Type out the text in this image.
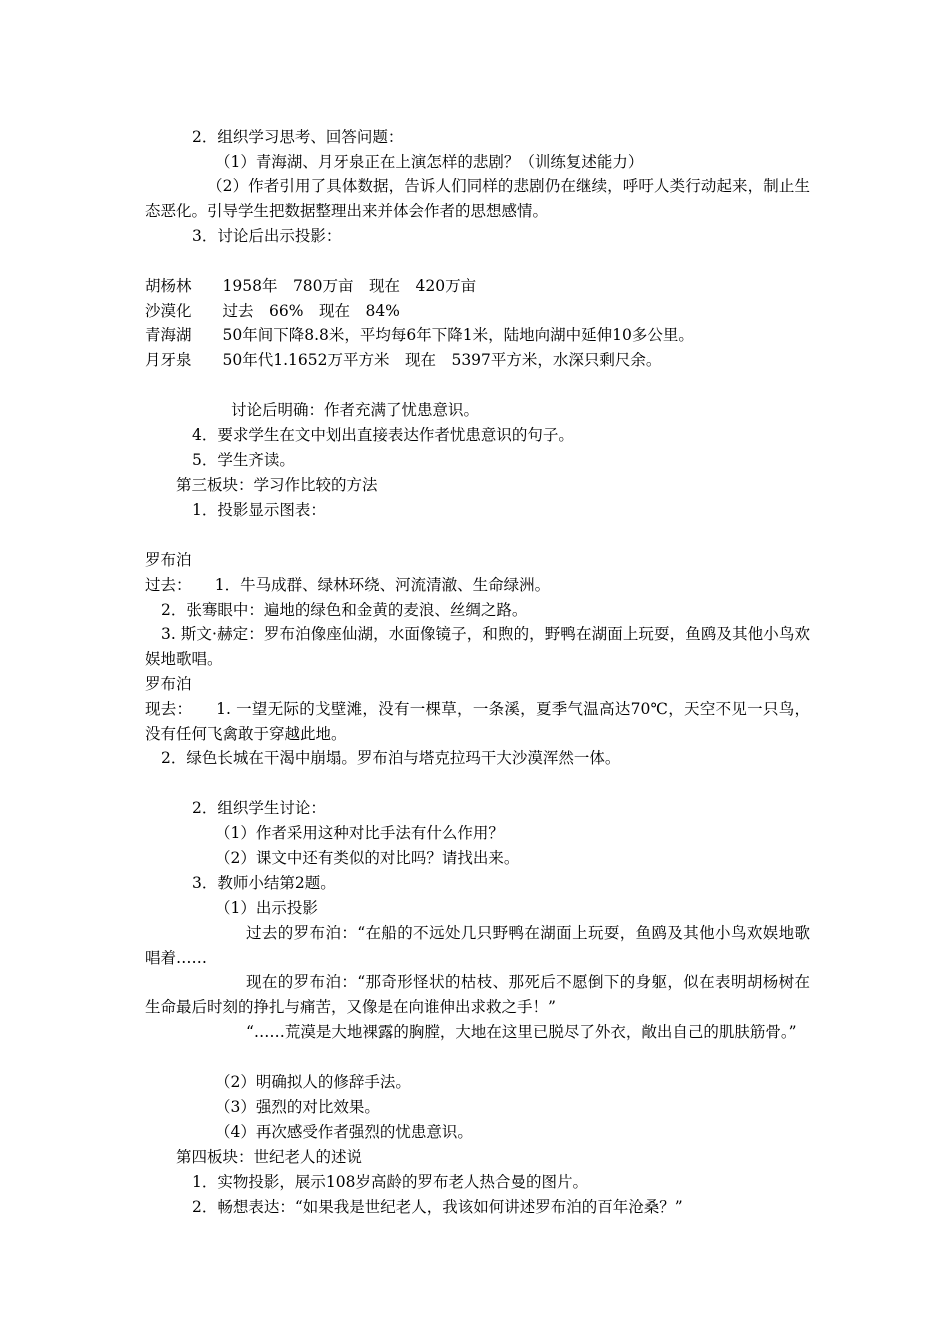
2．组织学习思考、回答问题：
（1）青海湖、月牙泉正在上演怎样的悲剧？（训练复述能力）
（2）作者引用了具体数据，告诉人们同样的悲剧仍在继续，呼吁人类行动起来，制止生态恶化。引导学生把数据整理出来并体会作者的思想感情。
3．讨论后出示投影：
胡杨林　　1958年　780万亩　现在　420万亩
沙漠化　　过去　66%　现在　84%
青海湖　　50年间下降8.8米，平均每6年下降1米，陆地向湖中延伸10多公里。
月牙泉　　50年代1.1652万平方米　现在　5397平方米，水深只剩尺余。
讨论后明确：作者充满了忧患意识。
4．要求学生在文中划出直接表达作者忧患意识的句子。
5．学生齐读。
第三板块：学习作比较的方法
1．投影显示图表：
罗布泊
过去：　　1．牛马成群、绿林环绕、河流清澈、生命绿洲。
2．张骞眼中：遍地的绿色和金黄的麦浪、丝绸之路。
3. 斯文·赫定：罗布泊像座仙湖，水面像镜子，和煦的，野鸭在湖面上玩耍，鱼鸥及其他小鸟欢娱地歌唱。
罗布泊
现去：　　1. 一望无际的戈壁滩，没有一棵草，一条溪，夏季气温高达70℃，天空不见一只鸟，没有任何飞禽敢于穿越此地。
2．绿色长城在干渴中崩塌。罗布泊与塔克拉玛干大沙漠浑然一体。
2．组织学生讨论：
（1）作者采用这种对比手法有什么作用？
（2）课文中还有类似的对比吗？请找出来。
3．教师小结第2题。
（1）出示投影
过去的罗布泊：“在船的不远处几只野鸭在湖面上玩耍，鱼鸥及其他小鸟欢娱地歌唱着……
现在的罗布泊：“那奇形怪状的枯枝、那死后不愿倒下的身躯，似在表明胡杨树在生命最后时刻的挣扎与痛苦，又像是在向谁伸出求救之手！”
“……荒漠是大地裸露的胸膛，大地在这里已脱尽了外衣，敞出自己的肌肤筋骨。”
（2）明确拟人的修辞手法。
（3）强烈的对比效果。
（4）再次感受作者强烈的忧患意识。
第四板块：世纪老人的述说
1．实物投影，展示108岁高龄的罗布老人热合曼的图片。
2．畅想表达：“如果我是世纪老人，我该如何讲述罗布泊的百年沧桑？”
